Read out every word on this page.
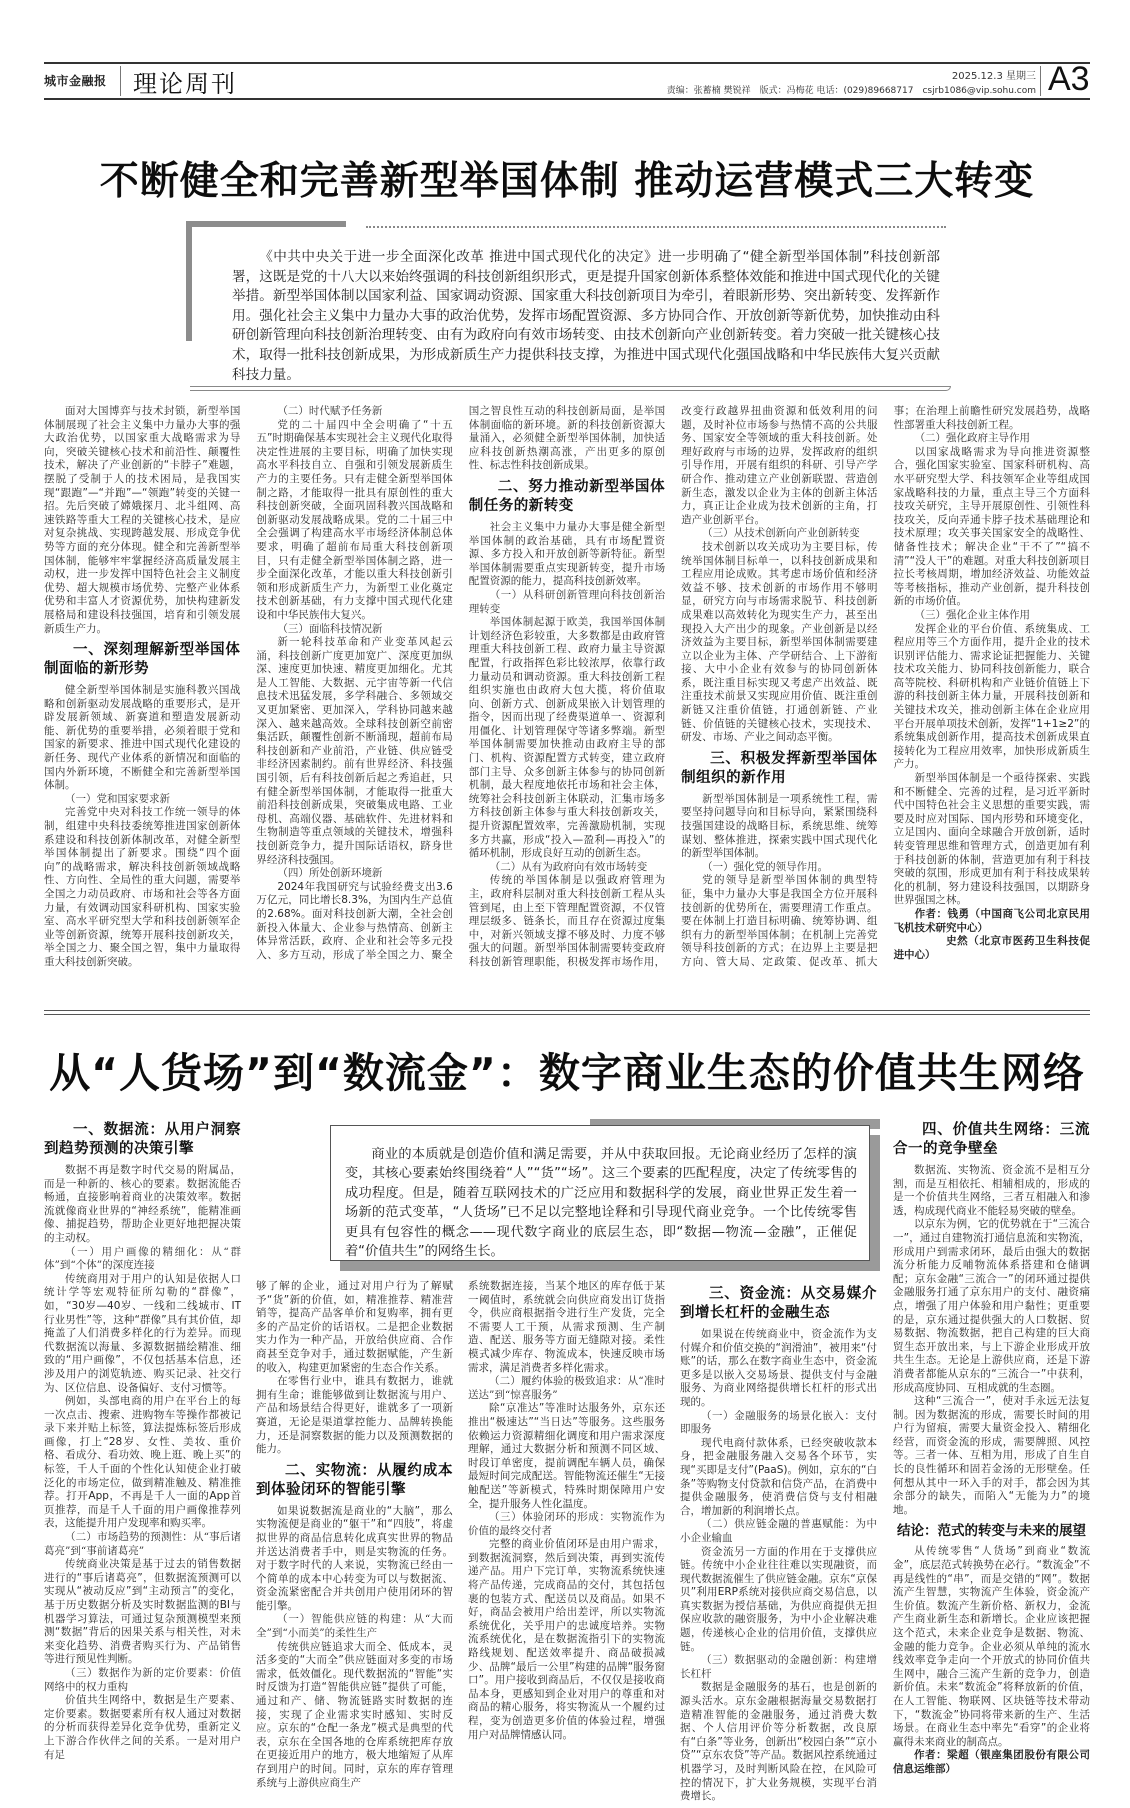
城市金融报 理论周刊	2025.12.3 星期三
责编：张蓄楠 樊锐祥　版式：冯梅花 电话：(029)89668717　csjrb1086@vip.sohu.com A3
不断健全和完善新型举国体制 推动运营模式三大转变

《中共中央关于进一步全面深化改革 推进中国式现代化的决定》进一步明确了“健全新型举国体制”科技创新部署，这既是党的十八大以来始终强调的科技创新组织形式，更是提升国家创新体系整体效能和推进中国式现代化的关键举措。新型举国体制以国家利益、国家调动资源、国家重大科技创新项目为牵引，着眼新形势、突出新转变、发挥新作用。强化社会主义集中力量办大事的政治优势，发挥市场配置资源、多方协同合作、开放创新等新优势，加快推动由科研创新管理向科技创新治理转变、由有为政府向有效市场转变、由技术创新向产业创新转变。着力突破一批关键核心技术，取得一批科技创新成果，为形成新质生产力提供科技支撑，为推进中国式现代化强国战略和中华民族伟大复兴贡献科技力量。

面对大国博弈与技术封锁，新型举国体制展现了社会主义集中力量办大事的强大政治优势，以国家重大战略需求为导向，突破关键核心技术和前沿性、颠覆性技术，解决了产业创新的“卡脖子”难题，摆脱了受制于人的技术困局，是我国实现“跟跑”—“并跑”—“领跑”转变的关键一招。先后突破了嫦娥探月、北斗组网、高速铁路等重大工程的关键核心技术，是应对复杂挑战、实现跨越发展、形成竞争优势等方面的充分体现。健全和完善新型举国体制，能够牢牢掌握经济高质量发展主动权，进一步发挥中国特色社会主义制度优势、超大规模市场优势、完整产业体系优势和丰富人才资源优势，加快构建新发展格局和建设科技强国，培育和引领发展新质生产力。

一、深刻理解新型举国体制面临的新形势

健全新型举国体制是实施科教兴国战略和创新驱动发展战略的重要形式，是开辟发展新领域、新赛道和塑造发展新动能、新优势的重要举措，必须着眼于党和国家的新要求、推进中国式现代化建设的新任务、现代产业体系的新情况和面临的国内外新环境，不断健全和完善新型举国体制。

（一）党和国家要求新

完善党中央对科技工作统一领导的体制，组建中央科技委统筹推进国家创新体系建设和科技创新体制改革，对健全新型举国体制提出了新要求。围绕“四个面向”的战略需求，解决科技创新领域战略性、方向性、全局性的重大问题，需要举全国之力动员政府、市场和社会等各方面力量，有效调动国家科研机构、国家实验室、高水平研究型大学和科技创新领军企业等创新资源，统筹开展科技创新攻关，举全国之力、聚全国之智，集中力量取得重大科技创新突破。

（二）时代赋予任务新

党的二十届四中全会明确了“十五五”时期确保基本实现社会主义现代化取得决定性进展的主要目标，明确了加快实现高水平科技自立、自强和引领发展新质生产力的主要任务。只有走健全新型举国体制之路，才能取得一批具有原创性的重大科技创新突破，全面巩固科教兴国战略和创新驱动发展战略成果。党的二十届三中全会强调了构建高水平市场经济体制总体要求，明确了超前布局重大科技创新项目，只有走健全新型举国体制之路，进一步全面深化改革，才能以重大科技创新引领和形成新质生产力，为新型工业化奠定技术创新基础，有力支撑中国式现代化建设和中华民族伟大复兴。

（三）面临科技情况新

新一轮科技革命和产业变革风起云涌，科技创新广度更加宽广、深度更加纵深、速度更加快速、精度更加细化。尤其是人工智能、大数据、元宇宙等新一代信息技术迅猛发展，多学科融合、多领域交叉更加紧密、更加深入，学科协同越来越深入、越来越高效。全球科技创新空前密集活跃，颠覆性创新不断涌现，超前布局科技创新和产业前沿，产业链、供应链受非经济因素制约。前有世界经济、科技强国引领，后有科技创新后起之秀追赶，只有健全新型举国体制，才能取得一批重大前沿科技创新成果，突破集成电路、工业母机、高端仪器、基础软件、先进材料和生物制造等重点领域的关键技术，增强科技创新竞争力，提升国际话语权，跻身世界经济科技强国。

（四）所处创新环境新

2024年我国研究与试验经费支出3.6万亿元，同比增长8.3%，为国内生产总值的2.68%。面对科技创新大潮，全社会创新投入体量大、企业参与热情高、创新主体异常活跃，政府、企业和社会等多元投入、多方互动，形成了举全国之力、聚全国之智良性互动的科技创新局面，是举国体制面临的新环境。新的科技创新资源大量涌入，必须健全新型举国体制，加快适应科技创新热潮高涨，产出更多的原创性、标志性科技创新成果。

二、努力推动新型举国体制任务的新转变

社会主义集中力量办大事是健全新型举国体制的政治基础，具有市场配置资源、多方投入和开放创新等新特征。新型举国体制需要重点实现新转变，提升市场配置资源的能力，提高科技创新效率。

（一）从科研创新管理向科技创新治理转变

举国体制起源于欧美，我国举国体制计划经济色彩较重，大多数都是由政府管理重大科技创新工程、政府力量主导资源配置，行政指挥色彩比较浓厚，依靠行政力量动员和调动资源。重大科技创新工程组织实施也由政府大包大揽，将价值取向、创新方式、创新成果嵌入计划管理的指令，因而出现了经费渠道单一、资源利用僵化、计划管理保守等诸多弊端。新型举国体制需要加快推动由政府主导的部门、机构、资源配置方式转变，建立政府部门主导、众多创新主体参与的协同创新机制，最大程度地依托市场和社会主体，统筹社会科技创新主体联动，汇集市场多方科技创新主体参与重大科技创新攻关，提升资源配置效率，完善激励机制，实现多方共赢，形成“投入—盈利—再投入”的循环机制，形成良好互动的创新生态。

（二）从有为政府向有效市场转变

传统的举国体制是以强政府管理为主，政府科层制对重大科技创新工程从头管到尾，由上至下管理配置资源，不仅管理层级多、链条长，而且存在资源过度集中，对新兴领域支撑不够及时、力度不够强大的问题。新型举国体制需要转变政府科技创新管理职能，积极发挥市场作用，改变行政越界扭曲资源和低效利用的问题，及时补位市场参与热情不高的公共服务、国家安全等领域的重大科技创新。处理好政府与市场的边界，发挥政府的组织引导作用，开展有组织的科研、引导产学研合作、推动建立产业创新联盟、营造创新生态，激发以企业为主体的创新主体活力，真正让企业成为技术创新的主角，打造产业创新平台。

（三）从技术创新向产业创新转变

技术创新以攻关成功为主要目标，传统举国体制目标单一，以科技创新成果和工程应用论成败。其考虑市场价值和经济效益不够、技术创新的市场作用不够明显，研究方向与市场需求脱节、科技创新成果难以高效转化为现实生产力，甚至出现投入大产出少的现象。产业创新是以经济效益为主要目标，新型举国体制需要建立以企业为主体、产学研结合、上下游衔接、大中小企业有效参与的协同创新体系，既注重目标实现又考虑产出效益、既注重技术前景又实现应用价值、既注重创新链又注重价值链，打通创新链、产业链、价值链的关键核心技术，实现技术、研发、市场、产业之间动态平衡。

三、积极发挥新型举国体制组织的新作用

新型举国体制是一项系统性工程，需要坚持问题导向和目标导向，紧紧围绕科技强国建设的战略目标，系统思维、统筹谋划、整体推进，探索实践中国式现代化的新型举国体制。

（一）强化党的领导作用。

党的领导是新型举国体制的典型特征，集中力量办大事是我国全方位开展科技创新的优势所在，需要理清工作重点。要在体制上打造目标明确、统筹协调、组织有力的新型举国体制；在机制上完善党领导科技创新的方式；在边界上主要是把方向、管大局、定政策、促改革、抓大事；在治理上前瞻性研究发展趋势，战略性部署重大科技创新工程。

（二）强化政府主导作用

以国家战略需求为导向推进资源整合，强化国家实验室、国家科研机构、高水平研究型大学、科技领军企业等组成国家战略科技的力量，重点主导三个方面科技攻关研究，主导开展原创性、引领性科技攻关，反向弄通卡脖子技术基础理论和技术原理；攻关事关国家安全的战略性、储备性技术；解决企业“干不了”“搞不清”“没人干”的难题。对重大科技创新项目拉长考核周期，增加经济效益、功能效益等考核指标，推动产业创新，提升科技创新的市场价值。

（三）强化企业主体作用

发挥企业的平台价值、系统集成、工程应用等三个方面作用，提升企业的技术识别评估能力、需求论证把握能力、关键技术攻关能力、协同科技创新能力，联合高等院校、科研机构和产业链价值链上下游的科技创新主体力量，开展科技创新和关键技术攻关，推动创新主体在企业应用平台开展单项技术创新，发挥“1+1≥2”的系统集成创新作用，提高技术创新成果直接转化为工程应用效率，加快形成新质生产力。

新型举国体制是一个亟待探索、实践和不断健全、完善的过程，是习近平新时代中国特色社会主义思想的重要实践，需要及时应对国际、国内形势和环境变化，立足国内、面向全球融合开放创新，适时转变管理思维和管理方式，创造更加有利于科技创新的体制，营造更加有利于科技突破的氛围，形成更加有利于科技成果转化的机制，努力建设科技强国，以期跻身世界强国之林。

作者：钱勇（中国商飞公司北京民用飞机技术研究中心）

史然（北京市医药卫生科技促进中心）

从“人货场”到“数流金”：数字商业生态的价值共生网络

商业的本质就是创造价值和满足需要，并从中获取回报。无论商业经历了怎样的演变，其核心要素始终围绕着“人”“货”“场”。这三个要素的匹配程度，决定了传统零售的成功程度。但是，随着互联网技术的广泛应用和数据科学的发展，商业世界正发生着一场新的范式变革，“人货场”已不足以完整地诠释和引导现代商业竞争。一个比传统零售更具有包容性的概念——现代数字商业的底层生态，即“数据—物流—金融”，正催促着“价值共生”的网络生长。

一、数据流：从用户洞察到趋势预测的决策引擎

数据不再是数字时代交易的附属品，而是一种新的、核心的要素。数据流能否畅通，直接影响着商业的决策效率。数据流就像商业世界的“神经系统”，能精准画像、捕捉趋势，帮助企业更好地把握决策的主动权。

（一）用户画像的精细化：从“群体”到“个体”的深度连接

传统商用对于用户的认知是依据人口统计学等宏观特征所勾勒的“群像”，如，“30岁—40岁、一线和二线城市、IT行业男性”等，这种“群像”具有其价值，却掩盖了人们消费多样化的行为差异。而现代数据流以海量、多源数据描绘精准、细致的“用户画像”，不仅包括基本信息，还涉及用户的浏览轨迹、购买记录、社交行为、区位信息、设备偏好、支付习惯等。

例如，头部电商的用户在平台上的每一次点击、搜索、进购物车等操作都被记录下来并贴上标签，算法提炼标签后形成画像，打上“28岁、女性、美妆、重价格、看成分、看功效、晚上逛、晚上买”的标签，千人千面的个性化认知使企业打破泛化的市场定位，做到精准触及、精准推荐。打开App，不再是千人一面的App首页推荐，而是千人千面的用户画像推荐列表，这能提升用户发现率和购买率。

（二）市场趋势的预测性：从“事后诸葛亮”到“事前诸葛亮”

传统商业决策是基于过去的销售数据进行的“事后诸葛亮”，但数据流预测可以实现从“被动反应”到“主动预言”的变化，基于历史数据分析及实时数据监测的BI与机器学习算法，可通过复杂预测模型来预测“数据”背后的因果关系与相关性，对未来变化趋势、消费者购买行为、产品销售等进行预见性判断。

（三）数据作为新的定价要素：价值网络中的权力重构

价值共生网络中，数据是生产要素、定价要素。数据要素所有权人通过对数据的分析而获得差异化竞争优势，重新定义上下游合作伙伴之间的关系。一是对用户有足

够了解的企业，通过对用户行为了解赋予“货”新的价值，如，精准推荐、精准营销等，提高产品客单价和复购率，拥有更多的产品定价的话语权。二是把企业数据实力作为一种产品，开放给供应商、合作商甚至竞争对手，通过数据赋能，产生新的收入，构建更加紧密的生态合作关系。

在零售行业中，谁具有数据力，谁就拥有生命；谁能够做到让数据流与用户、产品和场景结合得更好，谁就多了一项新赛道，无论是渠道掌控能力、品牌转换能力，还是洞察数据的能力以及预测数据的能力。

二、实物流：从履约成本到体验闭环的智能引擎

如果说数据流是商业的“大脑”，那么实物流便是商业的“躯干”和“四肢”，将虚拟世界的商品信息转化成真实世界的物品并送达消费者手中，则是实物流的任务。对于数字时代的人来说，实物流已经由一个简单的成本中心转变为可以与数据流、资金流紧密配合并共创用户使用闭环的智能引擎。

（一）智能供应链的构建：从“大而全”到“小而美”的柔性生产

传统供应链追求大而全、低成本，灵活多变的“大而全”供应链面对多变的市场需求，低效僵化。现代数据流的“智能”实时反馈为打造“智能供应链”提供了可能，通过和产、储、物流链路实时数据的连接，实现了企业需求实时感知、实时反应。京东的“仓配一条龙”模式是典型的代表，京东在全国各地的仓库系统把库存放在更接近用户的地方，极大地缩短了从库存到用户的时间。同时，京东的库存管理系统与上游供应商生产

系统数据连接，当某个地区的库存低于某一阈值时，系统就会向供应商发出订货指令，供应商根据指令进行生产发货，完全不需要人工干预，从需求预测、生产制造、配送、服务等方面无缝隙对接。柔性模式减少库存、物流成本，快速反映市场需求，满足消费者多样化需求。

（二）履约体验的极致追求：从“准时送达”到“惊喜服务”

除“京准达”等准时达服务外，京东还推出“极速达”“当日达”等服务。这些服务依赖运力资源精细化调度和用户需求深度理解，通过大数据分析和预测不同区域、时段订单密度，提前调配车辆人员，确保最短时间完成配送。智能物流还催生“无接触配送”等新模式，特殊时期保障用户安全，提升服务人性化温度。

（三）体验闭环的形成：实物流作为价值的最终交付者

完整的商业价值闭环是由用户需求，到数据流洞察，然后到决策，再到实流传递产品。用户下完订单，实物流系统快速将产品传递，完成商品的交付，其包括包裹的包装方式、配送员以及商品。如果不好，商品会被用户给出差评，所以实物流系统优化，关乎用户的忠诚度培养。实物流系统优化，是在数据流指引下的实物流路线规划、配送效率提升、商品破损减少、品牌“最后一公里”构建的品牌“服务窗口”。用户接收到商品后，不仅仅是接收商品本身，更感知到企业对用户的尊重和对商品的精心服务，将实物流从一个履约过程，变为创造更多价值的体验过程，增强用户对品牌情感认同。

三、资金流：从交易媒介到增长杠杆的金融生态

如果说在传统商业中，资金流作为支付媒介和价值交换的“润滑油”，被用来“付账”的话，那么在数字商业生态中，资金流更多是以嵌入交易场景、提供支付与金融服务、为商业网络提供增长杠杆的形式出现的。

（一）金融服务的场景化嵌入：支付即服务

现代电商付款体系，已经突破收款本身，把金融服务融入交易各个环节，实现“买即是支付”(PaaS)。例如，京东的“白条”等购物支付贷款和信贷产品，在消费中提供金融服务，使消费信贷与支付相融合，增加新的利润增长点。

（二）供应链金融的普惠赋能：为中小企业输血

资金流另一方面的作用在于支撑供应链。传统中小企业往往难以实现融资，而现代数据流催生了供应链金融。京东“京保贝”利用ERP系统对接供应商交易信息，以真实数据为授信基础，为供应商提供无担保应收款的融资服务，为中小企业解决难题，传递核心企业的信用价值，支撑供应链。

（三）数据驱动的金融创新：构建增长杠杆

数据是金融服务的基石，也是创新的源头活水。京东金融根据海量交易数据打造精准智能的金融服务，通过消费大数据、个人信用评价等分析数据，改良原有“白条”等业务，创新出“校园白条”“京小贷”“京东农贷”等产品。数据风控系统通过机器学习，及时判断风险在控，在风险可控的情况下，扩大业务规模，实现平台消费增长。

四、价值共生网络：三流合一的竞争壁垒

数据流、实物流、资金流不是相互分割，而是互相依托、相辅相成的，形成的是一个价值共生网络，三者互相融入和渗透，构成现代商业不能轻易突破的壁垒。

以京东为例，它的优势就在于“三流合一”，通过自建物流打通信息流和实物流，形成用户到需求闭环，最后由强大的数据流分析能力反哺物流体系搭建和仓储调配；京东金融“三流合一”的闭环通过提供金融服务打通了京东用户的支付、融资痛点，增强了用户体验和用户黏性；更重要的是，京东通过提供强大的人口数据、贸易数据、物流数据，把自己构建的巨大商贸生态开放出来，与上下游企业形成开放共生生态。无论是上游供应商，还是下游消费者都能从京东的“三流合一”中获利，形成高度协同、互相成就的生态圈。

这种“三流合一”，使对手永远无法复制。因为数据流的形成，需要长时间的用户行为留痕，需要大量资金投入、精细化经营，而资金流的形成，需要牌照、风控等。三者一体、互相为用，形成了自生自长的良性循环和固若金汤的无形壁垒。任何想从其中一环入手的对手，都会因为其余部分的缺失，而陷入“无能为力”的境地。

结论：范式的转变与未来的展望

从传统零售“人货场”到商业“数流金”，底层范式转换势在必行。“数流金”不再是线性的“串”，而是交错的“网”。数据流产生智慧，实物流产生体验，资金流产生价值。数流产生新价格、新权力，金流产生商业新生态和新增长。企业应该把握这个范式，未来企业竞争是数据、物流、金融的能力竞争。企业必须从单纯的流水线效率竞争走向一个开放式的协同价值共生网中，融合三流产生新的竞争力，创造新价值。未来“数流金”将释放新的价值，在人工智能、物联网、区块链等技术带动下，“数流金”协同将带来新的生产、生活场景。在商业生态中率先“看穿”的企业将赢得未来商业的制高点。

作者：梁超（银座集团股份有限公司信息运维部）
